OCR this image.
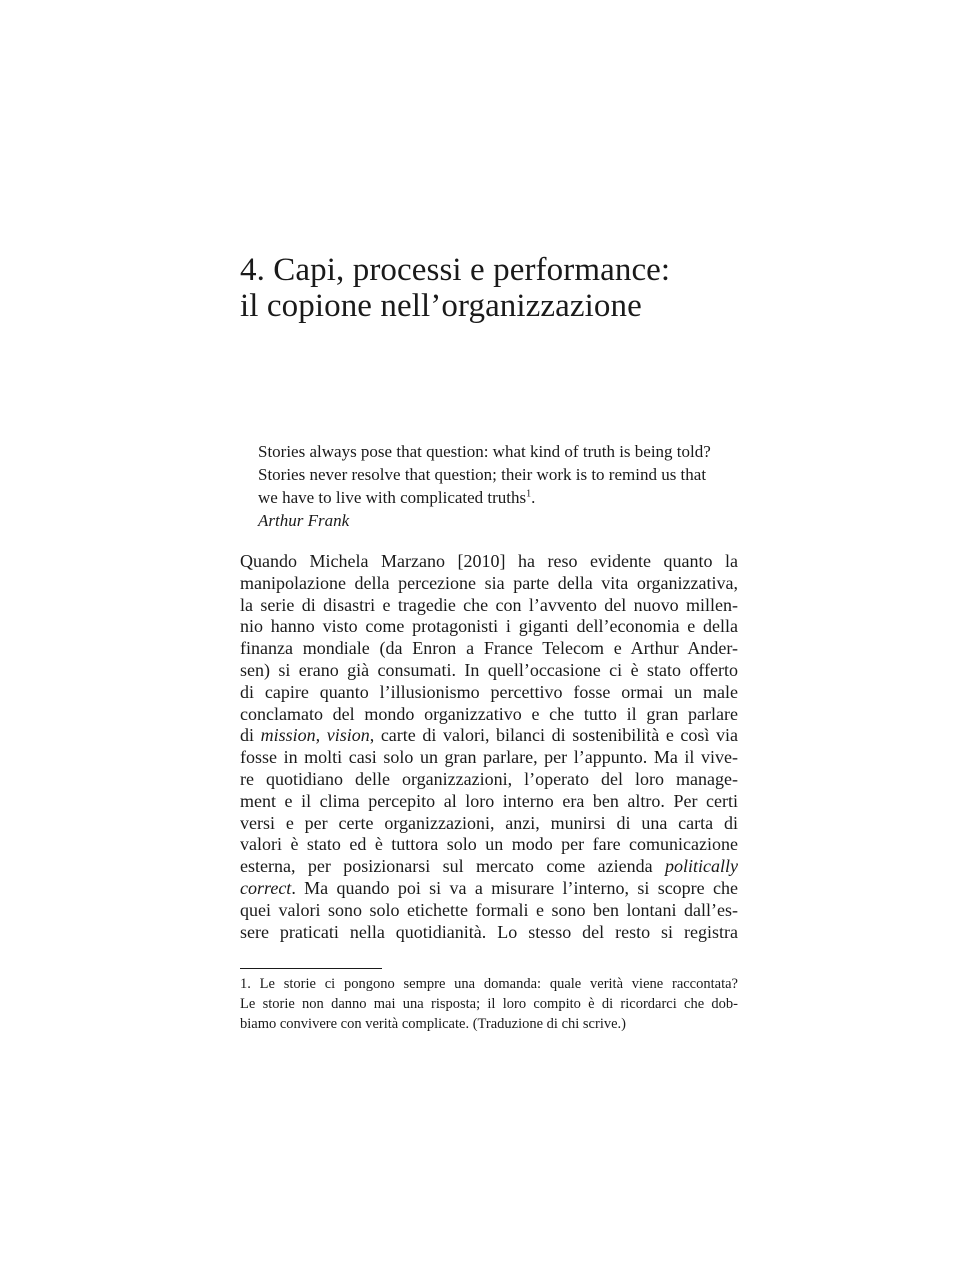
4. Capi, processi e performance:
il copione nell’organizzazione
Stories always pose that question: what kind of truth is being told?
Stories never resolve that question; their work is to remind us that
we have to live with complicated truths$^1$.
Arthur Frank
Quando Michela Marzano [2010] ha reso evidente quanto la
manipolazione della percezione sia parte della vita organizzativa,
la serie di disastri e tragedie che con l’avvento del nuovo millen-
nio hanno visto come protagonisti i giganti dell’economia e della
finanza mondiale (da Enron a France Telecom e Arthur Ander-
sen) si erano già consumati. In quell’occasione ci è stato offerto
di capire quanto l’illusionismo percettivo fosse ormai un male
conclamato del mondo organizzativo e che tutto il gran parlare
di mission, vision, carte di valori, bilanci di sostenibilità e così via
fosse in molti casi solo un gran parlare, per l’appunto. Ma il vive-
re quotidiano delle organizzazioni, l’operato del loro manage-
ment e il clima percepito al loro interno era ben altro. Per certi
versi e per certe organizzazioni, anzi, munirsi di una carta di
valori è stato ed è tuttora solo un modo per fare comunicazione
esterna, per posizionarsi sul mercato come azienda politically
correct. Ma quando poi si va a misurare l’interno, si scopre che
quei valori sono solo etichette formali e sono ben lontani dall’es-
sere praticati nella quotidianità. Lo stesso del resto si registra
1. Le storie ci pongono sempre una domanda: quale verità viene raccontata?
Le storie non danno mai una risposta; il loro compito è di ricordarci che dob-
biamo convivere con verità complicate. (Traduzione di chi scrive.)
